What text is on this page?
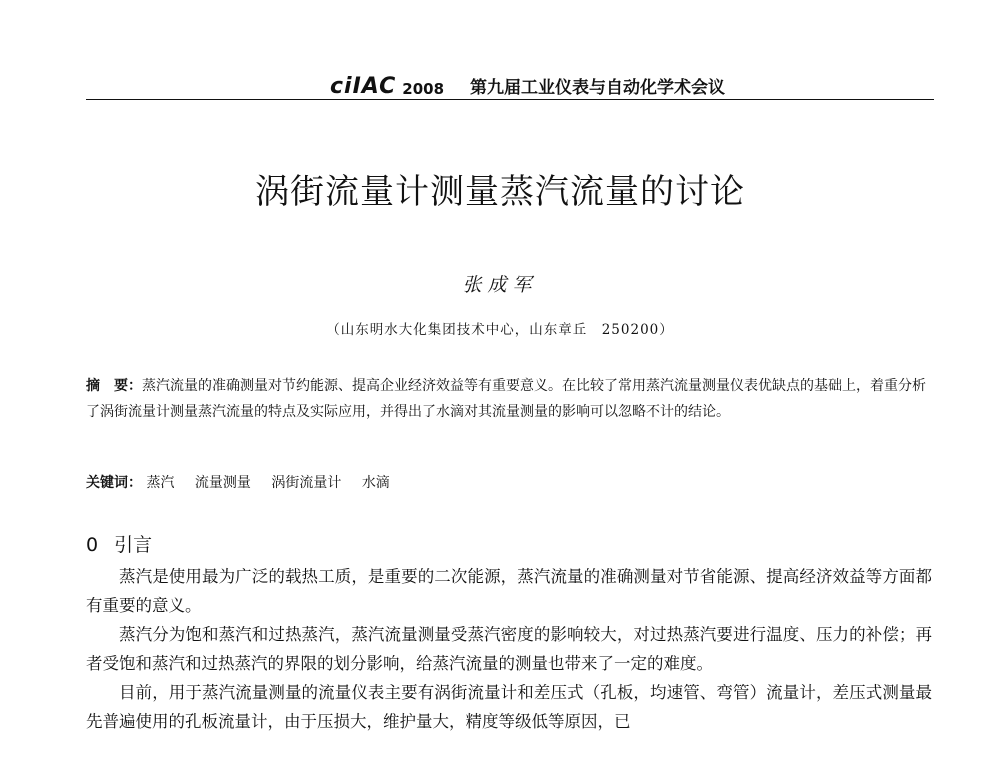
ciIAC 2008 第九届工业仪表与自动化学术会议
涡街流量计测量蒸汽流量的讨论
张成军
（山东明水大化集团技术中心，山东章丘　250200）
摘　要：蒸汽流量的准确测量对节约能源、提高企业经济效益等有重要意义。在比较了常用蒸汽流量测量仪表优缺点的基础上，着重分析了涡街流量计测量蒸汽流量的特点及实际应用，并得出了水滴对其流量测量的影响可以忽略不计的结论。
关键词： 蒸汽 流量测量 涡街流量计 水滴
0 引言

蒸汽是使用最为广泛的载热工质，是重要的二次能源，蒸汽流量的准确测量对节省能源、提高经济效益等方面都有重要的意义。

蒸汽分为饱和蒸汽和过热蒸汽，蒸汽流量测量受蒸汽密度的影响较大，对过热蒸汽要进行温度、压力的补偿；再者受饱和蒸汽和过热蒸汽的界限的划分影响，给蒸汽流量的测量也带来了一定的难度。

目前，用于蒸汽流量测量的流量仪表主要有涡街流量计和差压式（孔板，均速管、弯管）流量计，差压式测量最先普遍使用的孔板流量计，由于压损大，维护量大，精度等级低等原因，已
